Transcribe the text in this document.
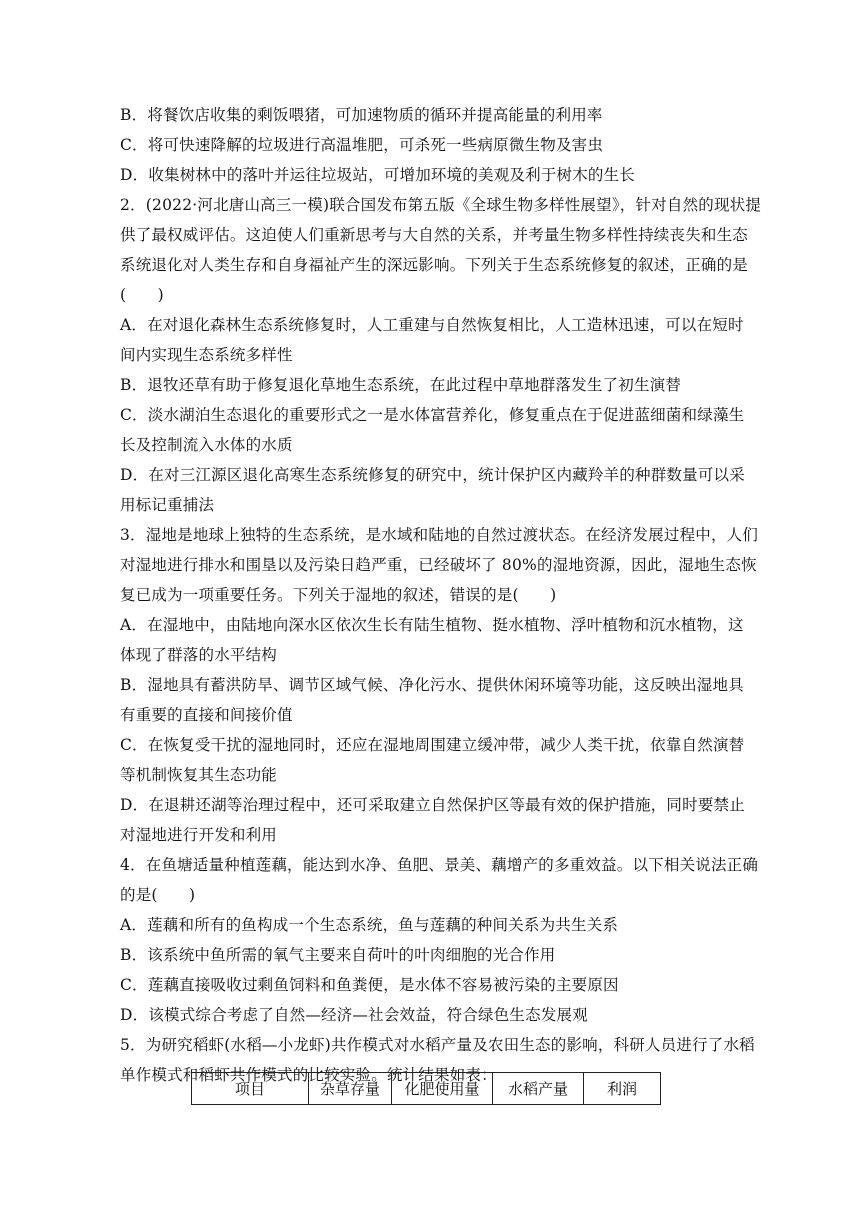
B．将餐饮店收集的剩饭喂猪，可加速物质的循环并提高能量的利用率
C．将可快速降解的垃圾进行高温堆肥，可杀死一些病原微生物及害虫
D．收集树林中的落叶并运往垃圾站，可增加环境的美观及利于树木的生长
2．(2022·河北唐山高三一模)联合国发布第五版《全球生物多样性展望》，针对自然的现状提
供了最权威评估。这迫使人们重新思考与大自然的关系，并考量生物多样性持续丧失和生态
系统退化对人类生存和自身福祉产生的深远影响。下列关于生态系统修复的叙述，正确的是
(　　)
A．在对退化森林生态系统修复时，人工重建与自然恢复相比，人工造林迅速，可以在短时
间内实现生态系统多样性
B．退牧还草有助于修复退化草地生态系统，在此过程中草地群落发生了初生演替
C．淡水湖泊生态退化的重要形式之一是水体富营养化，修复重点在于促进蓝细菌和绿藻生
长及控制流入水体的水质
D．在对三江源区退化高寒生态系统修复的研究中，统计保护区内藏羚羊的种群数量可以采
用标记重捕法
3．湿地是地球上独特的生态系统，是水域和陆地的自然过渡状态。在经济发展过程中，人们
对湿地进行排水和围垦以及污染日趋严重，已经破坏了 80%的湿地资源，因此，湿地生态恢
复已成为一项重要任务。下列关于湿地的叙述，错误的是(　　)
A．在湿地中，由陆地向深水区依次生长有陆生植物、挺水植物、浮叶植物和沉水植物，这
体现了群落的水平结构
B．湿地具有蓄洪防旱、调节区域气候、净化污水、提供休闲环境等功能，这反映出湿地具
有重要的直接和间接价值
C．在恢复受干扰的湿地同时，还应在湿地周围建立缓冲带，减少人类干扰，依靠自然演替
等机制恢复其生态功能
D．在退耕还湖等治理过程中，还可采取建立自然保护区等最有效的保护措施，同时要禁止
对湿地进行开发和利用
4．在鱼塘适量种植莲藕，能达到水净、鱼肥、景美、藕增产的多重效益。以下相关说法正确
的是(　　)
A．莲藕和所有的鱼构成一个生态系统，鱼与莲藕的种间关系为共生关系
B．该系统中鱼所需的氧气主要来自荷叶的叶肉细胞的光合作用
C．莲藕直接吸收过剩鱼饲料和鱼粪便，是水体不容易被污染的主要原因
D．该模式综合考虑了自然—经济—社会效益，符合绿色生态发展观
5．为研究稻虾(水稻—小龙虾)共作模式对水稻产量及农田生态的影响，科研人员进行了水稻
单作模式和稻虾共作模式的比较实验。统计结果如表：
项目	杂草存量	化肥使用量	水稻产量	利润
